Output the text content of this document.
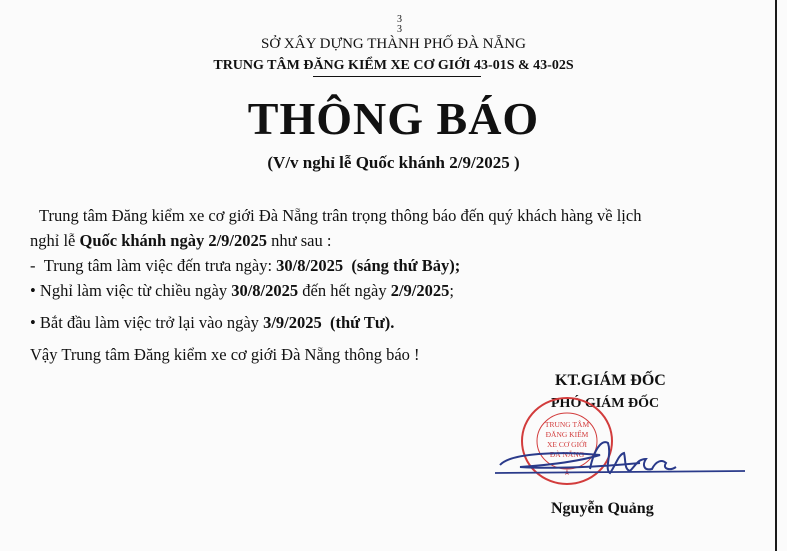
3
3
SỞ XÂY DỰNG THÀNH PHỐ ĐÀ NẴNG
TRUNG TÂM ĐĂNG KIỂM XE CƠ GIỚI 43-01S & 43-02S
THÔNG BÁO
(V/v nghỉ lễ Quốc khánh 2/9/2025 )
Trung tâm Đăng kiểm xe cơ giới Đà Nẵng trân trọng thông báo đến quý khách hàng về lịch
nghỉ lễ Quốc khánh ngày 2/9/2025 như sau :
- Trung tâm làm việc đến trưa ngày: 30/8/2025 (sáng thứ Bảy);
• Nghỉ làm việc từ chiều ngày 30/8/2025 đến hết ngày 2/9/2025;
• Bắt đầu làm việc trở lại vào ngày 3/9/2025 (thứ Tư).
Vậy Trung tâm Đăng kiểm xe cơ giới Đà Nẵng thông báo !
KT.GIÁM ĐỐC
PHÓ GIÁM ĐỐC
TRUNG TÂM
ĐĂNG KIỂM
XE CƠ GIỚI
ĐÀ NẴNG
★
Nguyễn Quảng
